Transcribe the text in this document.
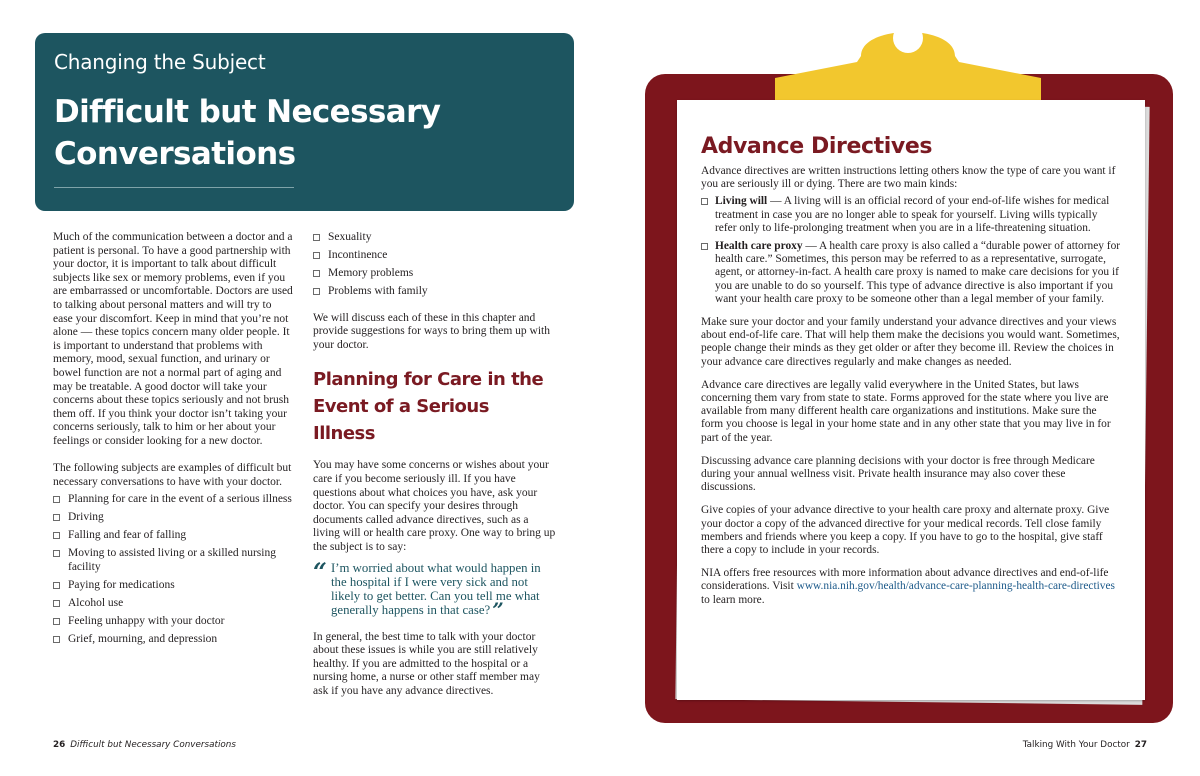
Changing the Subject
Difficult but Necessary Conversations

Much of the communication between a doctor and a patient is personal. To have a good partnership with your doctor, it is important to talk about difficult subjects like sex or memory problems, even if you are embarrassed or uncomfortable. Doctors are used to talking about personal matters and will try to ease your discomfort. Keep in mind that you’re not alone — these topics concern many older people. It is important to understand that problems with memory, mood, sexual function, and urinary or bowel function are not a normal part of aging and may be treatable. A good doctor will take your concerns about these topics seriously and not brush them off. If you think your doctor isn’t taking your concerns seriously, talk to him or her about your feelings or consider looking for a new doctor.

The following subjects are examples of difficult but necessary conversations to have with your doctor.

Planning for care in the event of a serious illness
Driving
Falling and fear of falling
Moving to assisted living or a skilled nursing facility
Paying for medications
Alcohol use
Feeling unhappy with your doctor
Grief, mourning, and depression
Sexuality
Incontinence
Memory problems
Problems with family

We will discuss each of these in this chapter and provide suggestions for ways to bring them up with your doctor.

Planning for Care in the Event of a Serious Illness

You may have some concerns or wishes about your care if you become seriously ill. If you have questions about what choices you have, ask your doctor. You can specify your desires through documents called advance directives, such as a living will or health care proxy. One way to bring up the subject is to say:

“ I’m worried about what would happen in the hospital if I were very sick and not likely to get better. Can you tell me what generally happens in that case? ”

In general, the best time to talk with your doctor about these issues is while you are still relatively healthy. If you are admitted to the hospital or a nursing home, a nurse or other staff member may ask if you have any advance directives.

Advance Directives

Advance directives are written instructions letting others know the type of care you want if you are seriously ill or dying. There are two main kinds:

Living will — A living will is an official record of your end-of-life wishes for medical treatment in case you are no longer able to speak for yourself. Living wills typically refer only to life-prolonging treatment when you are in a life-threatening situation.
Health care proxy — A health care proxy is also called a “durable power of attorney for health care.” Sometimes, this person may be referred to as a representative, surrogate, agent, or attorney-in-fact. A health care proxy is named to make care decisions for you if you are unable to do so yourself. This type of advance directive is also important if you want your health care proxy to be someone other than a legal member of your family.

Make sure your doctor and your family understand your advance directives and your views about end-of-life care. That will help them make the decisions you would want. Sometimes, people change their minds as they get older or after they become ill. Review the choices in your advance care directives regularly and make changes as needed.

Advance care directives are legally valid everywhere in the United States, but laws concerning them vary from state to state. Forms approved for the state where you live are available from many different health care organizations and institutions. Make sure the form you choose is legal in your home state and in any other state that you may live in for part of the year.

Discussing advance care planning decisions with your doctor is free through Medicare during your annual wellness visit. Private health insurance may also cover these discussions.

Give copies of your advance directive to your health care proxy and alternate proxy. Give your doctor a copy of the advanced directive for your medical records. Tell close family members and friends where you keep a copy. If you have to go to the hospital, give staff there a copy to include in your records.

NIA offers free resources with more information about advance directives and end-of-life considerations. Visit www.nia.nih.gov/health/advance-care-planning-health-care-directives to learn more.

26 Difficult but Necessary Conversations	Talking With Your Doctor 27
